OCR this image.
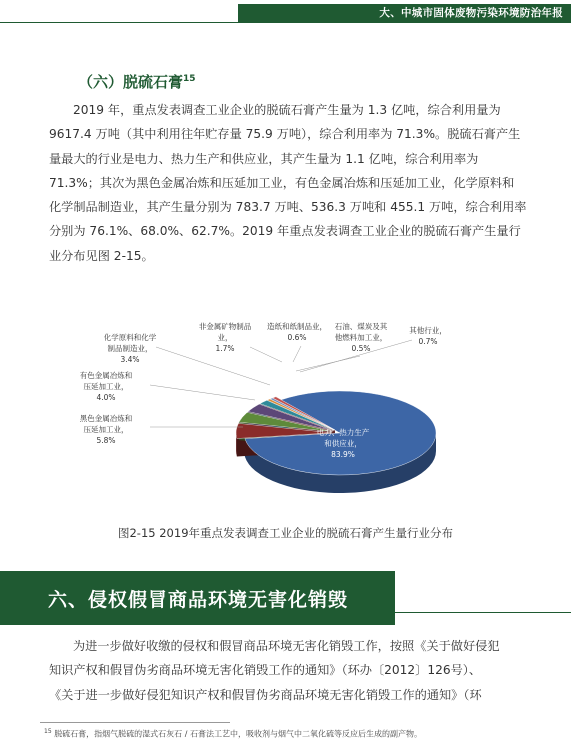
大、中城市固体废物污染环境防治年报
（六）脱硫石膏$^{15}$

2019 年，重点发表调查工业企业的脱硫石膏产生量为 1.3 亿吨，综合利用量为

9617.4 万吨（其中利用往年贮存量 75.9 万吨），综合利用率为 71.3%。脱硫石膏产生

量最大的行业是电力、热力生产和供应业，其产生量为 1.1 亿吨，综合利用率为

71.3%；其次为黑色金属冶炼和压延加工业，有色金属冶炼和压延加工业，化学原料和

化学制品制造业，其产生量分别为 783.7 万吨、536.3 万吨和 455.1 万吨，综合利用率

分别为 76.1%、68.0%、62.7%。2019 年重点发表调查工业企业的脱硫石膏产生量行

业分布见图 2-15。

电力、热力生产
和供应业，
83.9%
黑色金属冶炼和
压延加工业，
5.8%
有色金属冶炼和
压延加工业，
4.0%
化学原料和化学
制品制造业，
3.4%
非金属矿物制品
业，
1.7%
造纸和纸制品业，
0.6%
石油、煤炭及其
他燃料加工业，
0.5%
其他行业，
0.7%
图2-15 2019年重点发表调查工业企业的脱硫石膏产生量行业分布
六、侵权假冒商品环境无害化销毁

为进一步做好收缴的侵权和假冒商品环境无害化销毁工作，按照《关于做好侵犯

知识产权和假冒伪劣商品环境无害化销毁工作的通知》（环办〔2012〕126号）、

《关于进一步做好侵犯知识产权和假冒伪劣商品环境无害化销毁工作的通知》（环

$^{15}$ 脱硫石膏，指烟气脱硫的湿式石灰石 / 石膏法工艺中，吸收剂与烟气中二氧化硫等反应后生成的副产物。
